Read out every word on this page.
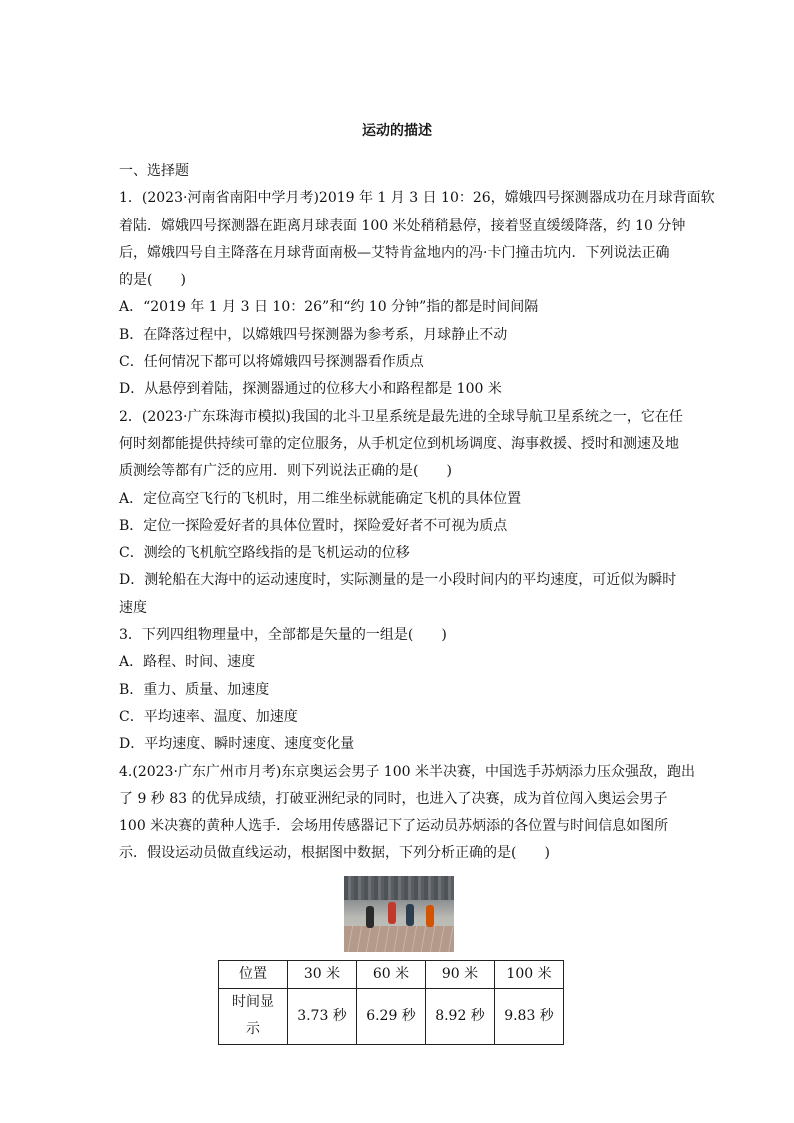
运动的描述
一、选择题
1．(2023·河南省南阳中学月考)2019 年 1 月 3 日 10：26，嫦娥四号探测器成功在月球背面软
着陆．嫦娥四号探测器在距离月球表面 100 米处稍稍悬停，接着竖直缓缓降落，约 10 分钟
后，嫦娥四号自主降落在月球背面南极—艾特肯盆地内的冯·卡门撞击坑内．下列说法正确
的是(　　)
A．“2019 年 1 月 3 日 10：26”和“约 10 分钟”指的都是时间间隔
B．在降落过程中，以嫦娥四号探测器为参考系，月球静止不动
C．任何情况下都可以将嫦娥四号探测器看作质点
D．从悬停到着陆，探测器通过的位移大小和路程都是 100 米
2．(2023·广东珠海市模拟)我国的北斗卫星系统是最先进的全球导航卫星系统之一，它在任
何时刻都能提供持续可靠的定位服务，从手机定位到机场调度、海事救援、授时和测速及地
质测绘等都有广泛的应用．则下列说法正确的是(　　)
A．定位高空飞行的飞机时，用二维坐标就能确定飞机的具体位置
B．定位一探险爱好者的具体位置时，探险爱好者不可视为质点
C．测绘的飞机航空路线指的是飞机运动的位移
D．测轮船在大海中的运动速度时，实际测量的是一小段时间内的平均速度，可近似为瞬时
速度
3．下列四组物理量中，全部都是矢量的一组是(　　)
A．路程、时间、速度
B．重力、质量、加速度
C．平均速率、温度、加速度
D．平均速度、瞬时速度、速度变化量
4.(2023·广东广州市月考)东京奥运会男子 100 米半决赛，中国选手苏炳添力压众强敌，跑出
了 9 秒 83 的优异成绩，打破亚洲纪录的同时，也进入了决赛，成为首位闯入奥运会男子
100 米决赛的黄种人选手．会场用传感器记下了运动员苏炳添的各位置与时间信息如图所
示．假设运动员做直线运动，根据图中数据，下列分析正确的是(　　)
位置	30 米	60 米	90 米	100 米
时间显示	3.73 秒	6.29 秒	8.92 秒	9.83 秒
